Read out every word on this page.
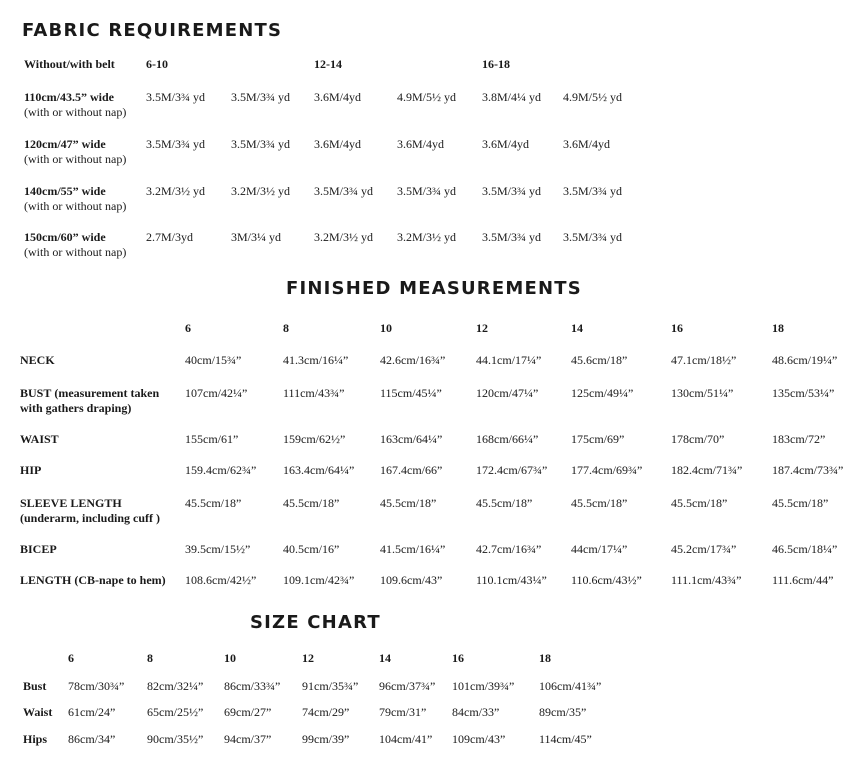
FABRIC REQUIREMENTS
Without/with belt	6-10	12-14	16-18
110cm/43.5” wide
(with or without nap)
3.5M/3¾ yd 3.5M/3¾ yd 3.6M/4yd	4.9M/5½ yd 3.8M/4¼ yd 4.9M/5½ yd
120cm/47” wide
(with or without nap)
3.5M/3¾ yd 3.5M/3¾ yd 3.6M/4yd	3.6M/4yd	3.6M/4yd	3.6M/4yd
140cm/55” wide
(with or without nap)
3.2M/3½ yd 3.2M/3½ yd 3.5M/3¾ yd 3.5M/3¾ yd 3.5M/3¾ yd 3.5M/3¾ yd
150cm/60” wide
(with or without nap)
2.7M/3yd	3M/3¼ yd	3.2M/3½ yd 3.2M/3½ yd 3.5M/3¾ yd 3.5M/3¾ yd
FINISHED MEASUREMENTS
6	8	10	12	14	16	18
NECK	40cm/15¾”	41.3cm/16¼”	42.6cm/16¾”	44.1cm/17¼” 45.6cm/18”	47.1cm/18½”	48.6cm/19¼”
BUST (measurement taken
with gathers draping)
107cm/42¼”	111cm/43¾”	115cm/45¼”	120cm/47¼”	125cm/49¼”	130cm/51¼”	135cm/53¼”
WAIST	155cm/61”	159cm/62½”	163cm/64¼”	168cm/66¼”	175cm/69”	178cm/70”	183cm/72”
HIP	159.4cm/62¾” 163.4cm/64¼” 167.4cm/66”	172.4cm/67¾” 177.4cm/69¾” 182.4cm/71¾” 187.4cm/73¾”
SLEEVE LENGTH
(underarm, including cuff )
45.5cm/18”	45.5cm/18”	45.5cm/18”	45.5cm/18”	45.5cm/18”	45.5cm/18”	45.5cm/18”
BICEP	39.5cm/15½”	40.5cm/16”	41.5cm/16¼”	42.7cm/16¾” 44cm/17¼”	45.2cm/17¾”	46.5cm/18¼”
LENGTH (CB-nape to hem) 108.6cm/42½” 109.1cm/42¾” 109.6cm/43”	110.1cm/43¼” 110.6cm/43½” 111.1cm/43¾”	111.6cm/44”
SIZE CHART
6	8	10	12	14	16	18
Bust 78cm/30¾” 82cm/32¼” 86cm/33¾” 91cm/35¾” 96cm/37¾” 101cm/39¾” 106cm/41¾”
Waist 61cm/24”	65cm/25½” 69cm/27”	74cm/29” 79cm/31” 84cm/33”	89cm/35”
Hips 86cm/34”	90cm/35½” 94cm/37”	99cm/39” 104cm/41” 109cm/43”	114cm/45”
